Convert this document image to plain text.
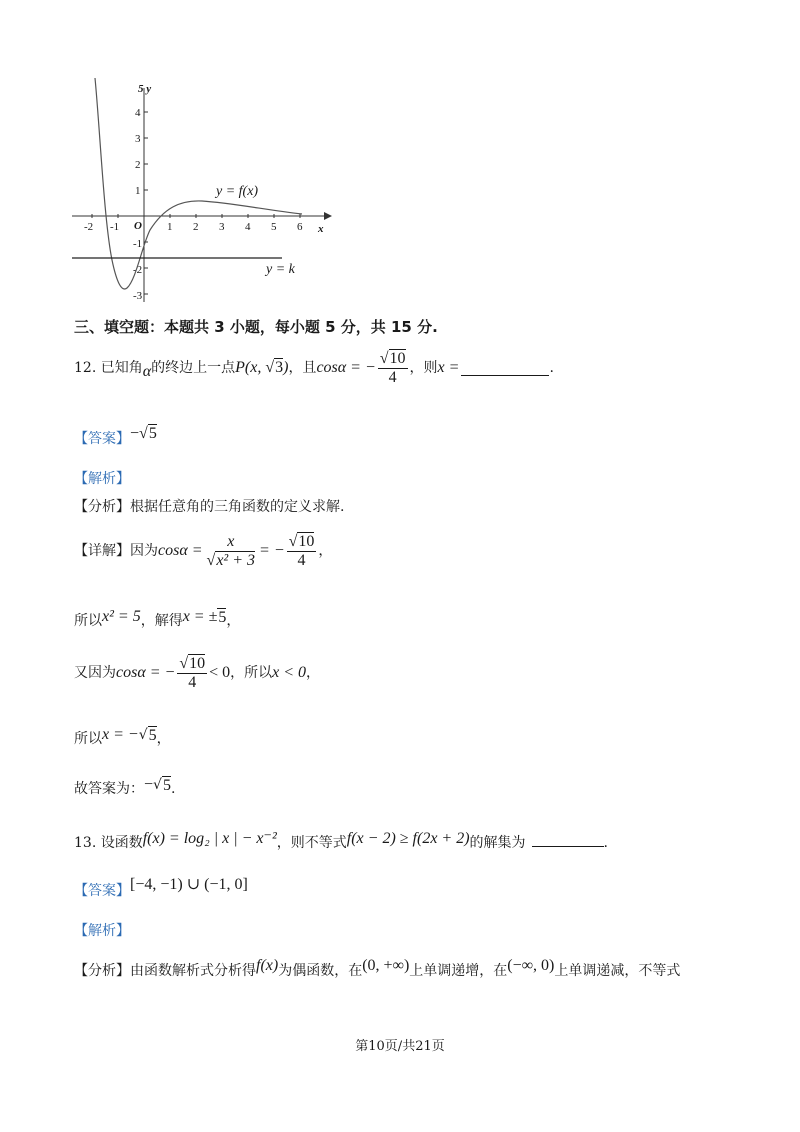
5 y
x
O
-2 -1	1 2 3 4 5 6
4
3
2
1
-1
-2
-3
y = f(x)
y = k
三、填空题：本题共 3 小题，每小题 5 分，共 15 分.
12.
已知角 α 的终边上一点 P(x, √3) ，且 cosα = − $\frac{√10}{4}$ ，则 x =	.
【答案】 −√5
【解析】
【分析】根据任意角的三角函数的定义求解.
【详解】 因为 $\cos\alpha = \frac{x}{\text{√x² + 3}}$ = − $\frac{√10}{4}$ ，
所以 x² = 5 ，解得 x = ± 5 ，
又因为 cosα = − $\frac{√10}{4} < 0$ ，所以 x < 0 ，
所以 x = − √ 5 ，
故答案为： − √ 5 .
13.
设函数 f(x) = log₂ | x | − x⁻² ，则不等式 f(x − 2) ≥ f(2x + 2) 的解集为	.
【答案】 [−4, −1) ∪ (−1, 0]
【解析】
【分析】 由函数解析式分析得 f(x) 为偶函数，在 (0, +∞) 上单调递增，在 (−∞, 0) 上单调递减，不等式
第10页/共21页
